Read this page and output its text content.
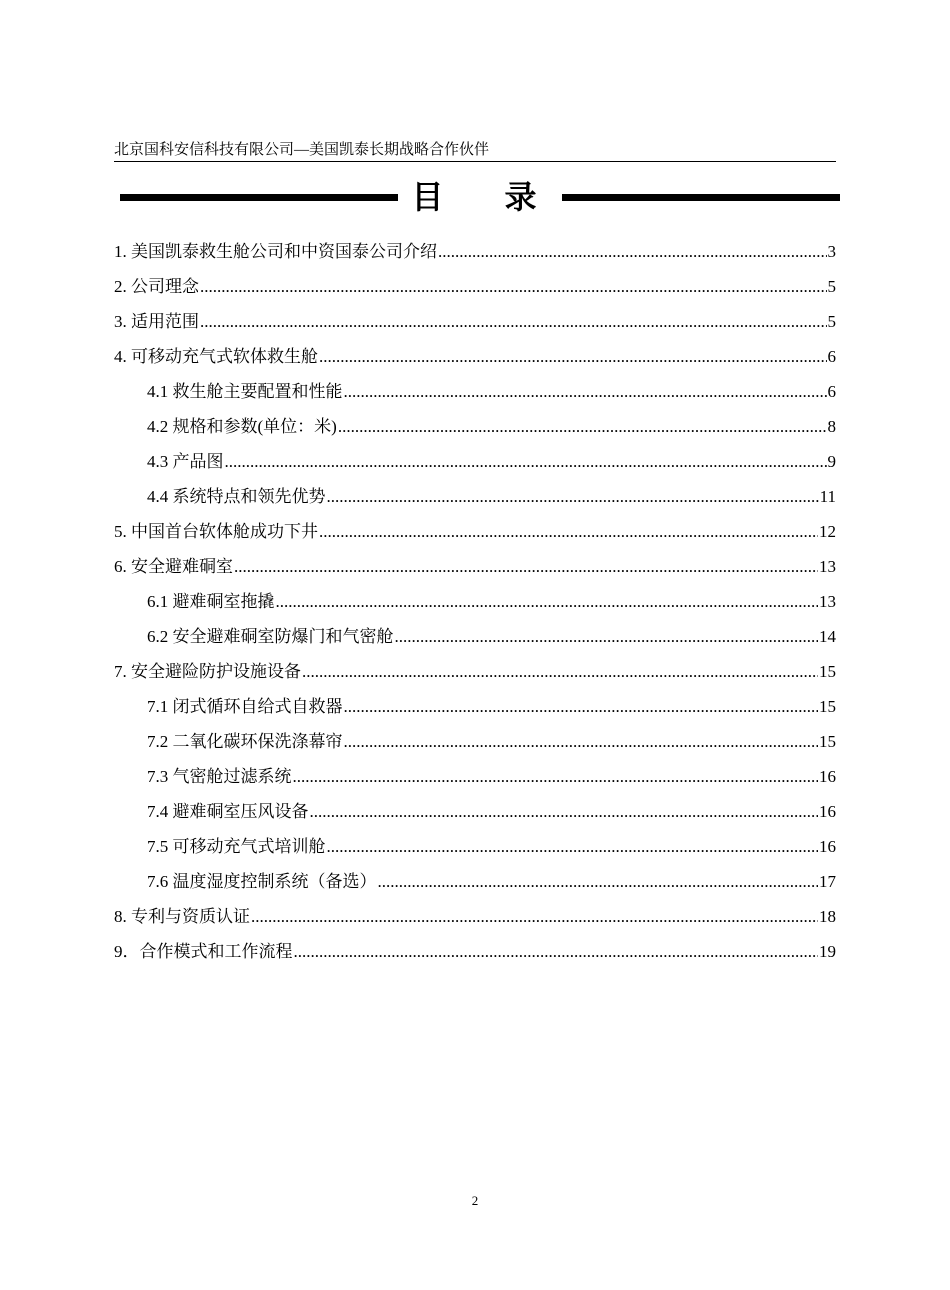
北京国科安信科技有限公司—美国凯泰长期战略合作伙伴
目 录
1. 美国凯泰救生舱公司和中资国泰公司介绍 .....	3
2. 公司理念 .....	5
3. 适用范围 .....	5
4. 可移动充气式软体救生舱 .....	6
4.1 救生舱主要配置和性能 .....	6
4.2 规格和参数(单位：米) .....	8
4.3 产品图 .....	9
4.4 系统特点和领先优势 .....	11
5. 中国首台软体舱成功下井 .....	12
6. 安全避难硐室 .....	13
6.1 避难硐室拖撬 .....	13
6.2 安全避难硐室防爆门和气密舱 .....	14
7. 安全避险防护设施设备 .....	15
7.1 闭式循环自给式自救器 .....	15
7.2 二氧化碳环保洗涤幕帘 .....	15
7.3 气密舱过滤系统 .....	16
7.4 避难硐室压风设备 .....	16
7.5 可移动充气式培训舱 .....	16
7.6 温度湿度控制系统（备选） .....	17
8. 专利与资质认证 .....	18
9．合作模式和工作流程 .....	19
2
